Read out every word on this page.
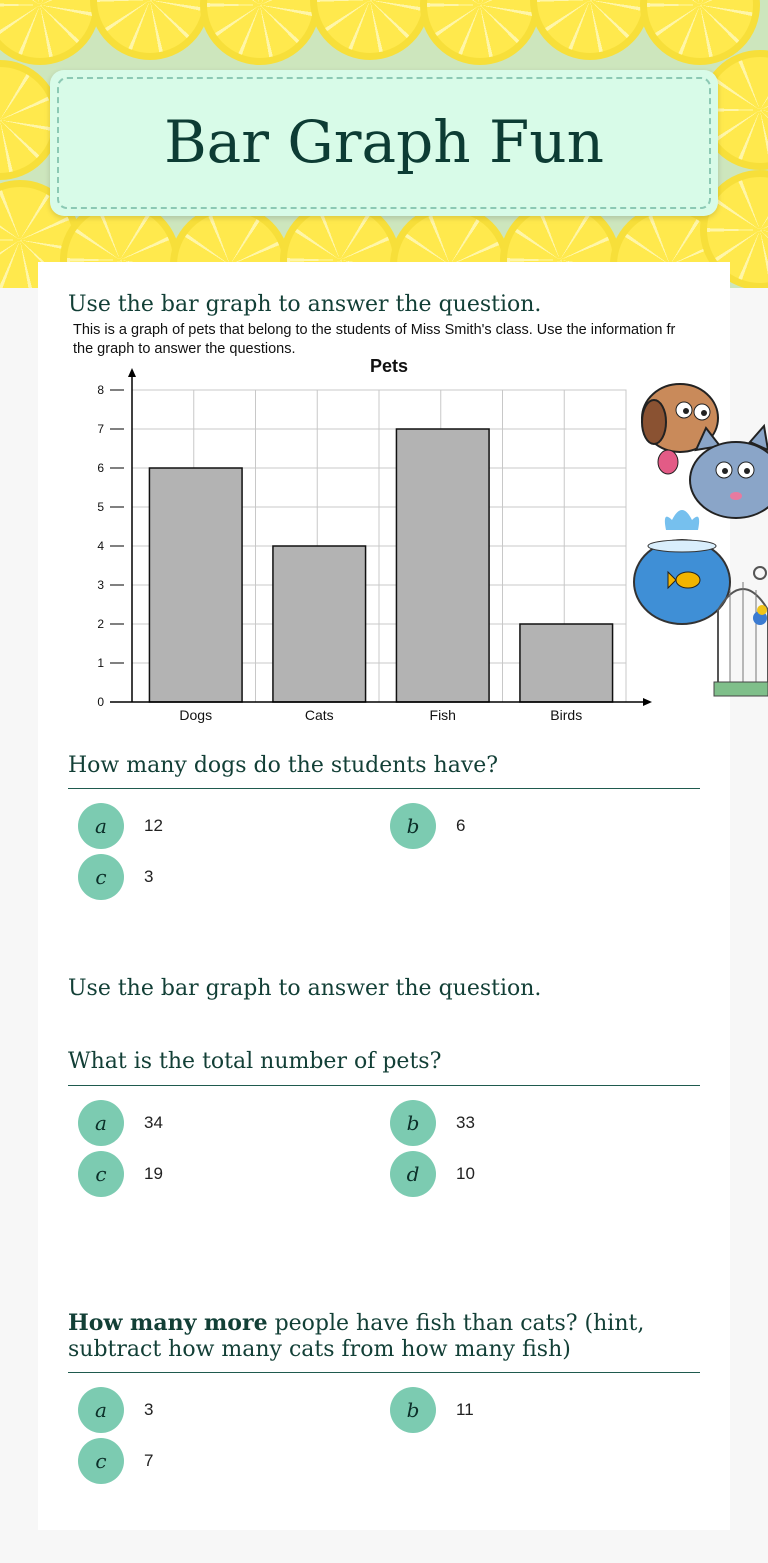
Bar Graph Fun

Use the bar graph to answer the question.

This is a graph of pets that belong to the students of Miss Smith's class. Use the information fr
the graph to answer the questions.
Pets
0
1
2
3
4
5
6
7
8
Dogs	Cats	Fish	Birds

How many dogs do the students have?

a	12	b	6
c	3

Use the bar graph to answer the question.

What is the total number of pets?

a	34	b	33
c	19	d	10
How many more people have fish than cats? (hint,
subtract how many cats from how many fish)
a	3	b	11
c	7
